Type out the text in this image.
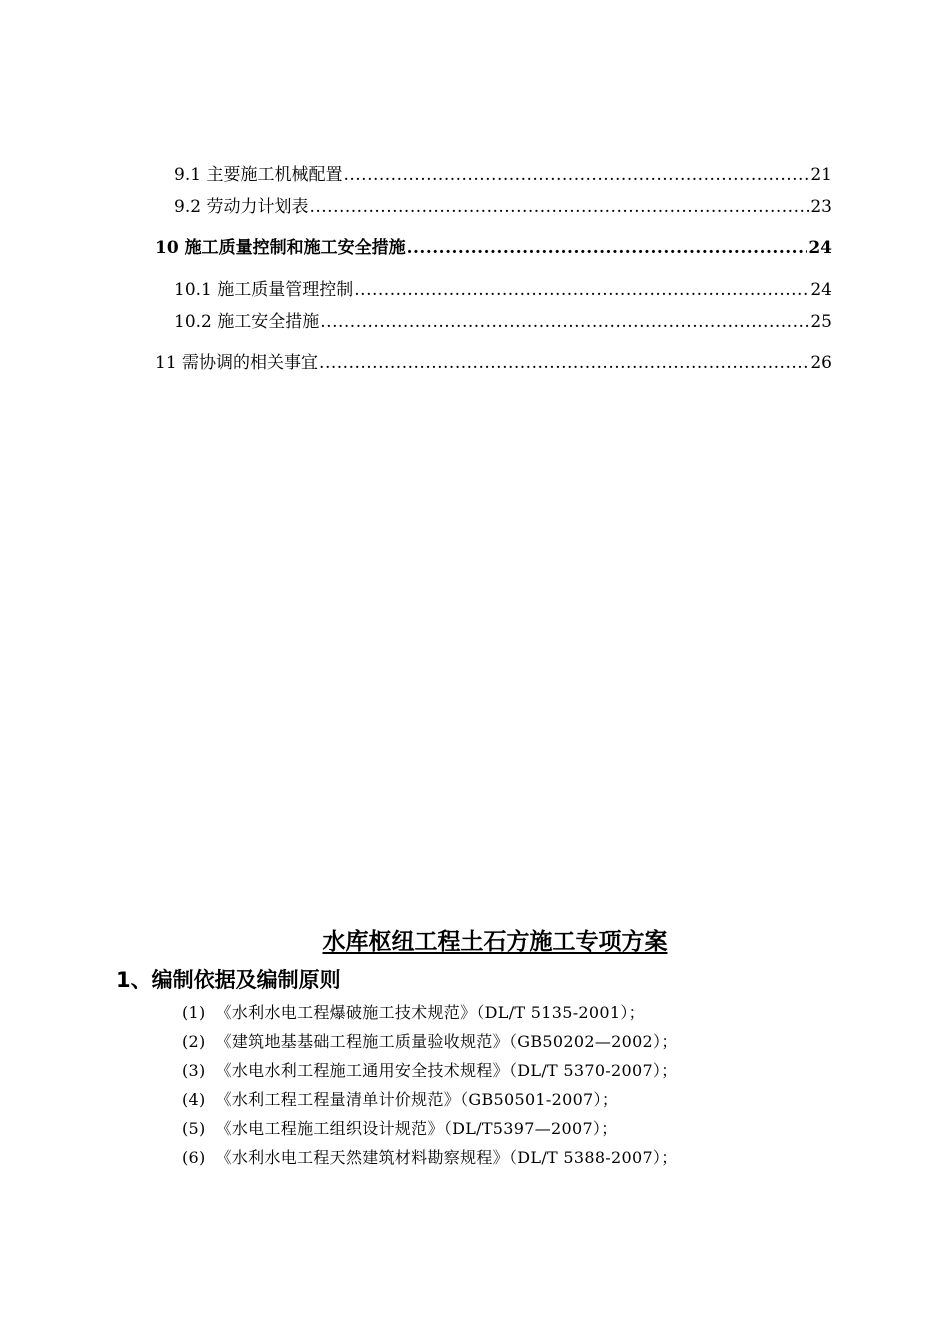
9.1 主要施工机械配置 .....	21
9.2 劳动力计划表 .....	23
10 施工质量控制和施工安全措施 .....	24
10.1 施工质量管理控制 .....	24
10.2 施工安全措施 .....	25
11 需协调的相关事宜 .....	26
水库枢纽工程土石方施工专项方案
1、编制依据及编制原则
(1) 《水利水电工程爆破施工技术规范》（DL/T 5135-2001）；
(2) 《建筑地基基础工程施工质量验收规范》（GB50202—2002）；
(3) 《水电水利工程施工通用安全技术规程》（DL/T 5370-2007）；
(4) 《水利工程工程量清单计价规范》（GB50501-2007）；
(5) 《水电工程施工组织设计规范》（DL/T5397—2007）；
(6) 《水利水电工程天然建筑材料勘察规程》（DL/T 5388-2007）；
